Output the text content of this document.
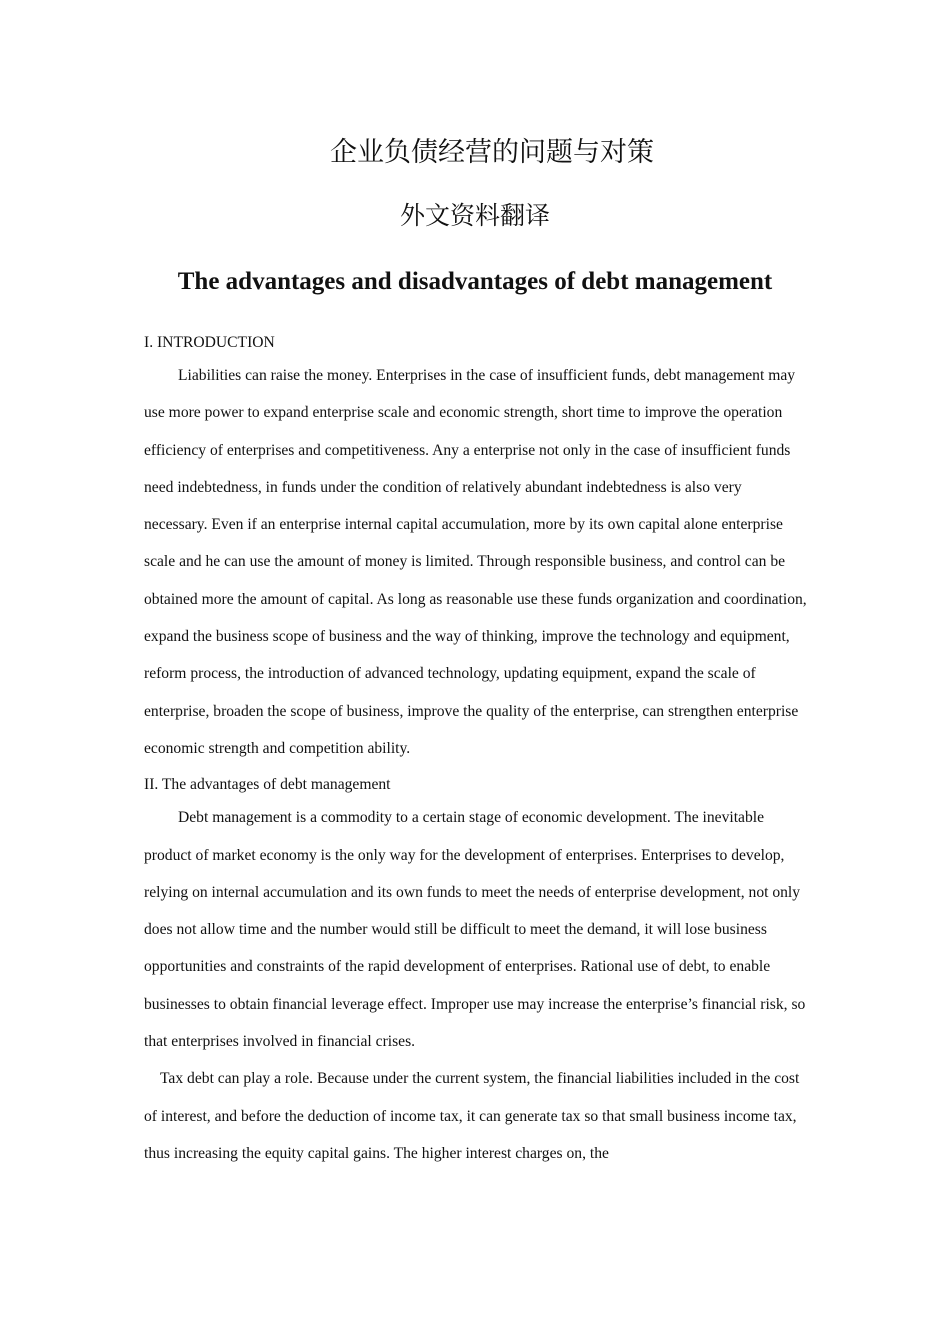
企业负债经营的问题与对策
外文资料翻译
The advantages and disadvantages of debt management
I. INTRODUCTION

Liabilities can raise the money. Enterprises in the case of insufficient funds, debt management may use more power to expand enterprise scale and economic strength, short time to improve the operation efficiency of enterprises and competitiveness. Any a enterprise not only in the case of insufficient funds need indebtedness, in funds under the condition of relatively abundant indebtedness is also very necessary. Even if an enterprise internal capital accumulation, more by its own capital alone enterprise scale and he can use the amount of money is limited. Through responsible business, and control can be obtained more the amount of capital. As long as reasonable use these funds organization and coordination, expand the business scope of business and the way of thinking, improve the technology and equipment, reform process, the introduction of advanced technology, updating equipment, expand the scale of enterprise, broaden the scope of business, improve the quality of the enterprise, can strengthen enterprise economic strength and competition ability.

II. The advantages of debt management

Debt management is a commodity to a certain stage of economic development. The inevitable product of market economy is the only way for the development of enterprises. Enterprises to develop, relying on internal accumulation and its own funds to meet the needs of enterprise development, not only does not allow time and the number would still be difficult to meet the demand, it will lose business opportunities and constraints of the rapid development of enterprises. Rational use of debt, to enable businesses to obtain financial leverage effect. Improper use may increase the enterprise’s financial risk, so that enterprises involved in financial crises.

Tax debt can play a role. Because under the current system, the financial liabilities included in the cost of interest, and before the deduction of income tax, it can generate tax so that small business income tax, thus increasing the equity capital gains. The higher interest charges on, the
